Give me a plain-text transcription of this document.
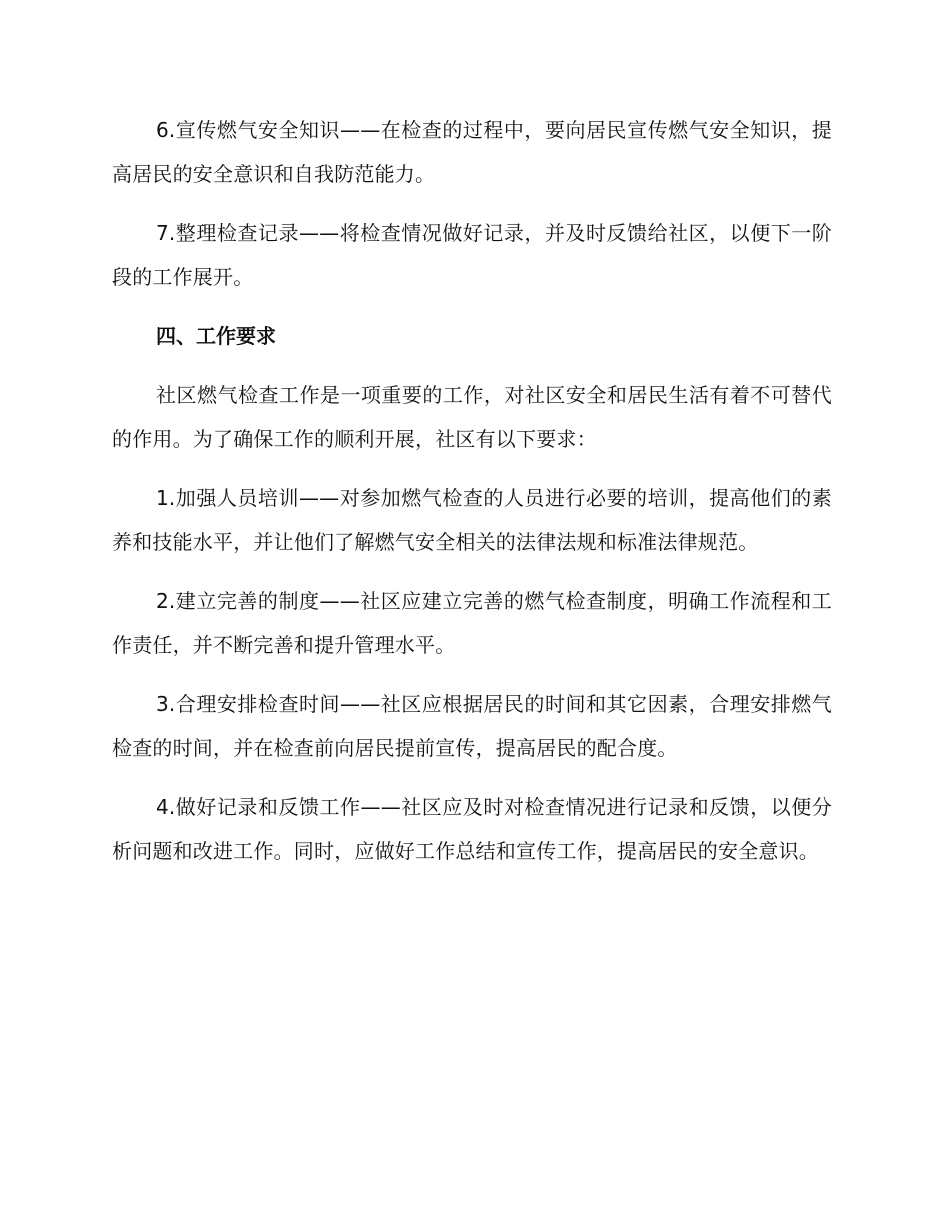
6.宣传燃气安全知识——在检查的过程中，要向居民宣传燃气安全知识，提高居民的安全意识和自我防范能力。

7.整理检查记录——将检查情况做好记录，并及时反馈给社区，以便下一阶段的工作展开。

四、工作要求

社区燃气检查工作是一项重要的工作，对社区安全和居民生活有着不可替代的作用。为了确保工作的顺利开展，社区有以下要求：

1.加强人员培训——对参加燃气检查的人员进行必要的培训，提高他们的素养和技能水平，并让他们了解燃气安全相关的法律法规和标准法律规范。

2.建立完善的制度——社区应建立完善的燃气检查制度，明确工作流程和工作责任，并不断完善和提升管理水平。

3.合理安排检查时间——社区应根据居民的时间和其它因素，合理安排燃气检查的时间，并在检查前向居民提前宣传，提高居民的配合度。

4.做好记录和反馈工作——社区应及时对检查情况进行记录和反馈，以便分析问题和改进工作。同时，应做好工作总结和宣传工作，提高居民的安全意识。
